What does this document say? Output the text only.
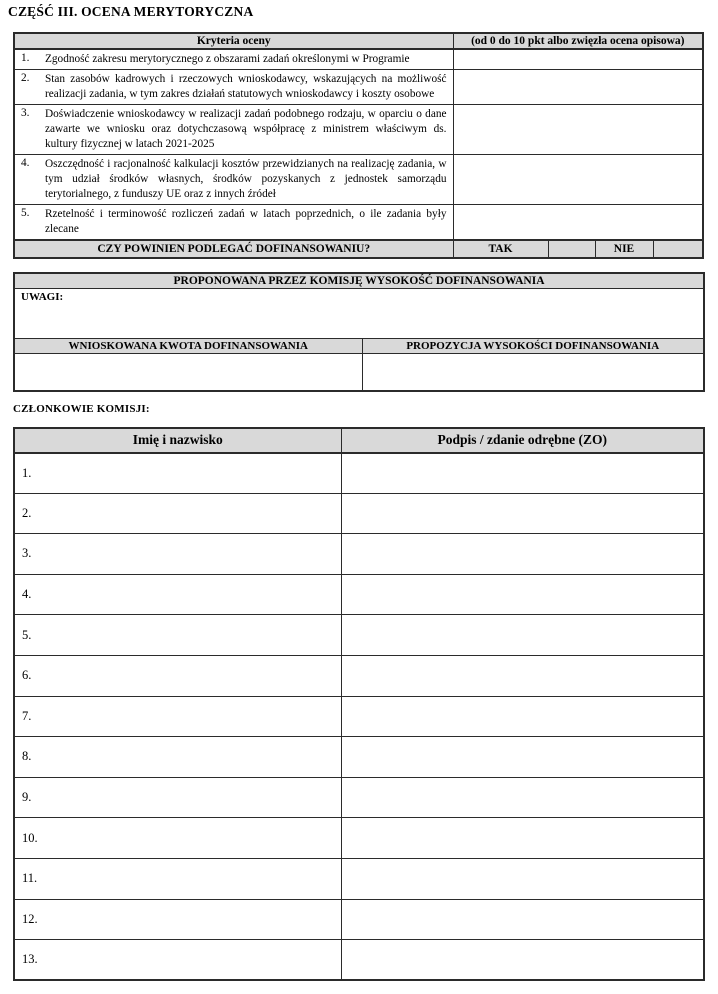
CZĘŚĆ III. OCENA MERYTORYCZNA
Kryteria oceny	(od 0 do 10 pkt albo zwięzła ocena opisowa)			

1. Zgodność zakresu merytorycznego z obszarami zadań określonymi w Programie				

2. Stan zasobów kadrowych i rzeczowych wnioskodawcy, wskazujących na możliwość realizacji zadania, w tym zakres działań statutowych wnioskodawcy i koszty osobowe				

3. Doświadczenie wnioskodawcy w realizacji zadań podobnego rodzaju, w oparciu o dane zawarte we wniosku oraz dotychczasową współpracę z ministrem właściwym ds. kultury fizycznej w latach 2021-2025				

4. Oszczędność i racjonalność kalkulacji kosztów przewidzianych na realizację zadania, w tym udział środków własnych, środków pozyskanych z jednostek samorządu terytorialnego, z funduszy UE oraz z innych źródeł				

5. Rzetelność i terminowość rozliczeń zadań w latach poprzednich, o ile zadania były zlecane				

CZY POWINIEN PODLEGAĆ DOFINANSOWANIU?	TAK		NIE	
PROPONOWANA PRZEZ KOMISJĘ WYSOKOŚĆ DOFINANSOWANIA	
UWAGI:	
WNIOSKOWANA KWOTA DOFINANSOWANIA	PROPOZYCJA WYSOKOŚCI DOFINANSOWANIA

CZŁONKOWIE KOMISJI:
Imię i nazwisko	Podpis / zdanie odrębne (ZO)
1.	
2.	
3.	
4.	
5.	
6.	
7.	
8.	
9.	
10.	
11.	
12.	
13.	
